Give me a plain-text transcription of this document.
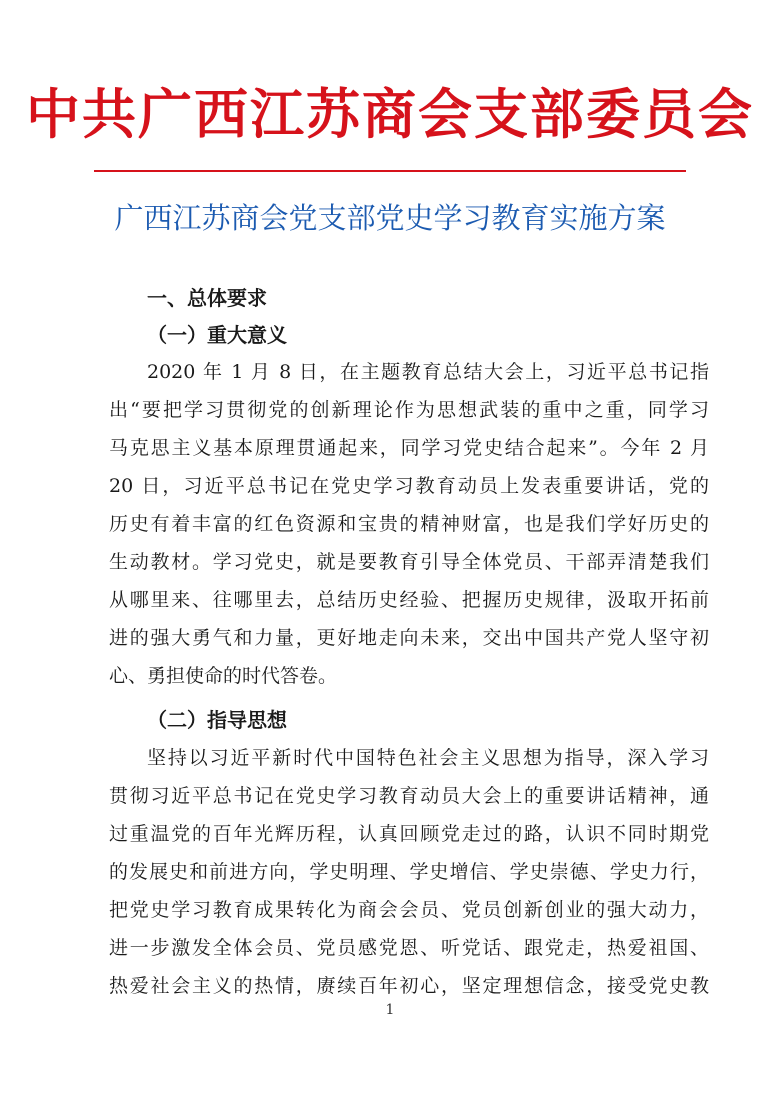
中共广西江苏商会支部委员会
广西江苏商会党支部党史学习教育实施方案
一、总体要求
（一）重大意义
2020 年 1 月 8 日，在主题教育总结大会上，习近平总书记指
出“要把学习贯彻党的创新理论作为思想武装的重中之重，同学习
马克思主义基本原理贯通起来，同学习党史结合起来”。今年 2 月
20 日，习近平总书记在党史学习教育动员上发表重要讲话，党的
历史有着丰富的红色资源和宝贵的精神财富，也是我们学好历史的
生动教材。学习党史，就是要教育引导全体党员、干部弄清楚我们
从哪里来、往哪里去，总结历史经验、把握历史规律，汲取开拓前
进的强大勇气和力量，更好地走向未来，交出中国共产党人坚守初
心、勇担使命的时代答卷。
（二）指导思想
坚持以习近平新时代中国特色社会主义思想为指导，深入学习
贯彻习近平总书记在党史学习教育动员大会上的重要讲话精神，通
过重温党的百年光辉历程，认真回顾党走过的路，认识不同时期党
的发展史和前进方向，学史明理、学史增信、学史崇德、学史力行，
把党史学习教育成果转化为商会会员、党员创新创业的强大动力，
进一步激发全体会员、党员感党恩、听党话、跟党走，热爱祖国、
热爱社会主义的热情，赓续百年初心，坚定理想信念，接受党史教
1
